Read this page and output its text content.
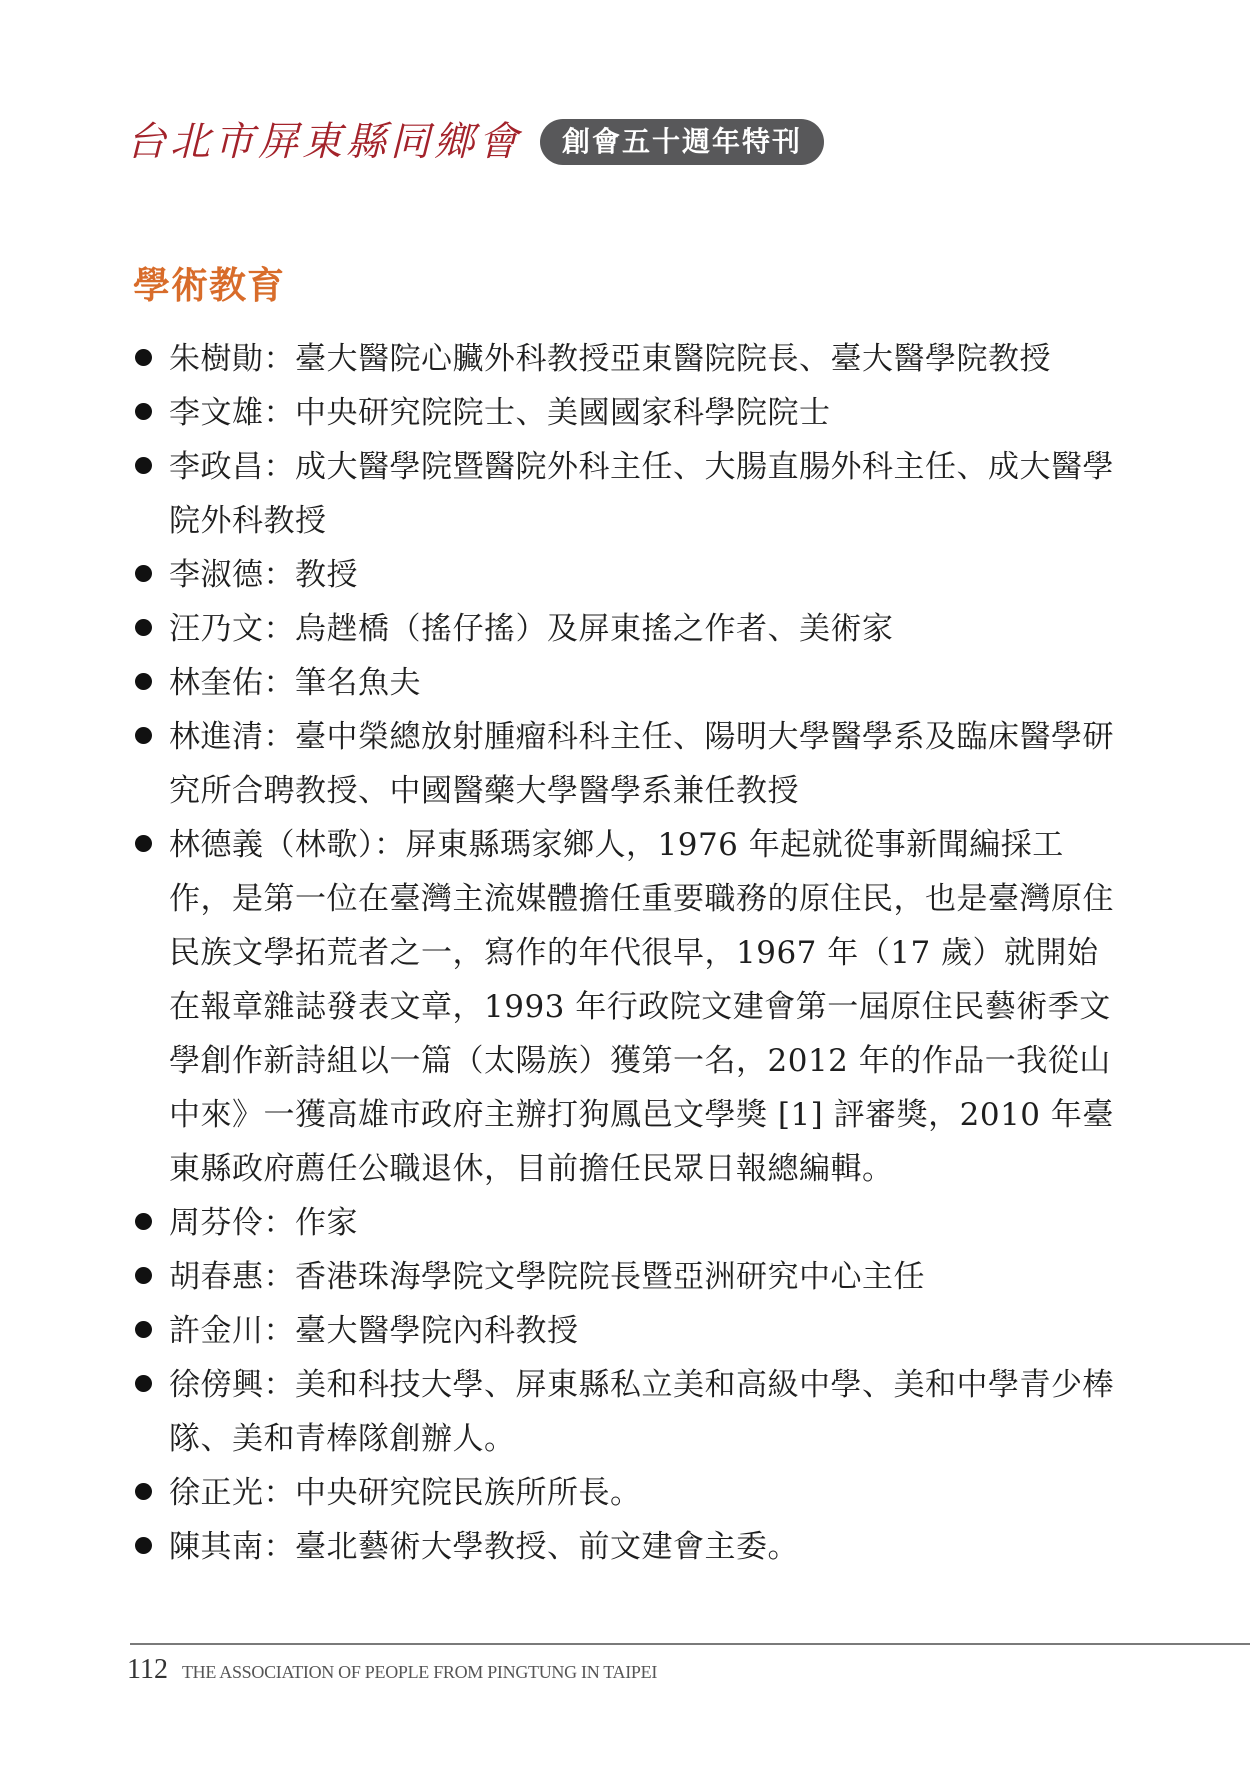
台北市屏東縣同鄉會	創會五十週年特刊
學術教育
朱樹勛：臺大醫院心臟外科教授亞東醫院院長、臺大醫學院教授
李文雄：中央研究院院士、美國國家科學院院士
李政昌：成大醫學院暨醫院外科主任、大腸直腸外科主任、成大醫學院外科教授
李淑德：教授
汪乃文：烏趖橋（搖仔搖）及屏東搖之作者、美術家
林奎佑：筆名魚夫
林進清：臺中榮總放射腫瘤科科主任、陽明大學醫學系及臨床醫學研究所合聘教授、中國醫藥大學醫學系兼任教授
林德義（林歌）：屏東縣瑪家鄉人，1976 年起就從事新聞編採工作，是第一位在臺灣主流媒體擔任重要職務的原住民，也是臺灣原住民族文學拓荒者之一，寫作的年代很早，1967 年（17 歲）就開始在報章雜誌發表文章，1993 年行政院文建會第一屆原住民藝術季文學創作新詩組以一篇（太陽族）獲第一名，2012 年的作品一我從山中來》一獲高雄市政府主辦打狗鳳邑文學獎 [1] 評審獎，2010 年臺東縣政府薦任公職退休，目前擔任民眾日報總編輯。
周芬伶：作家
胡春惠：香港珠海學院文學院院長暨亞洲研究中心主任
許金川：臺大醫學院內科教授
徐傍興：美和科技大學、屏東縣私立美和高級中學、美和中學青少棒隊、美和青棒隊創辦人。
徐正光：中央研究院民族所所長。
陳其南：臺北藝術大學教授、前文建會主委。
112 THE ASSOCIATION OF PEOPLE FROM PINGTUNG IN TAIPEI
